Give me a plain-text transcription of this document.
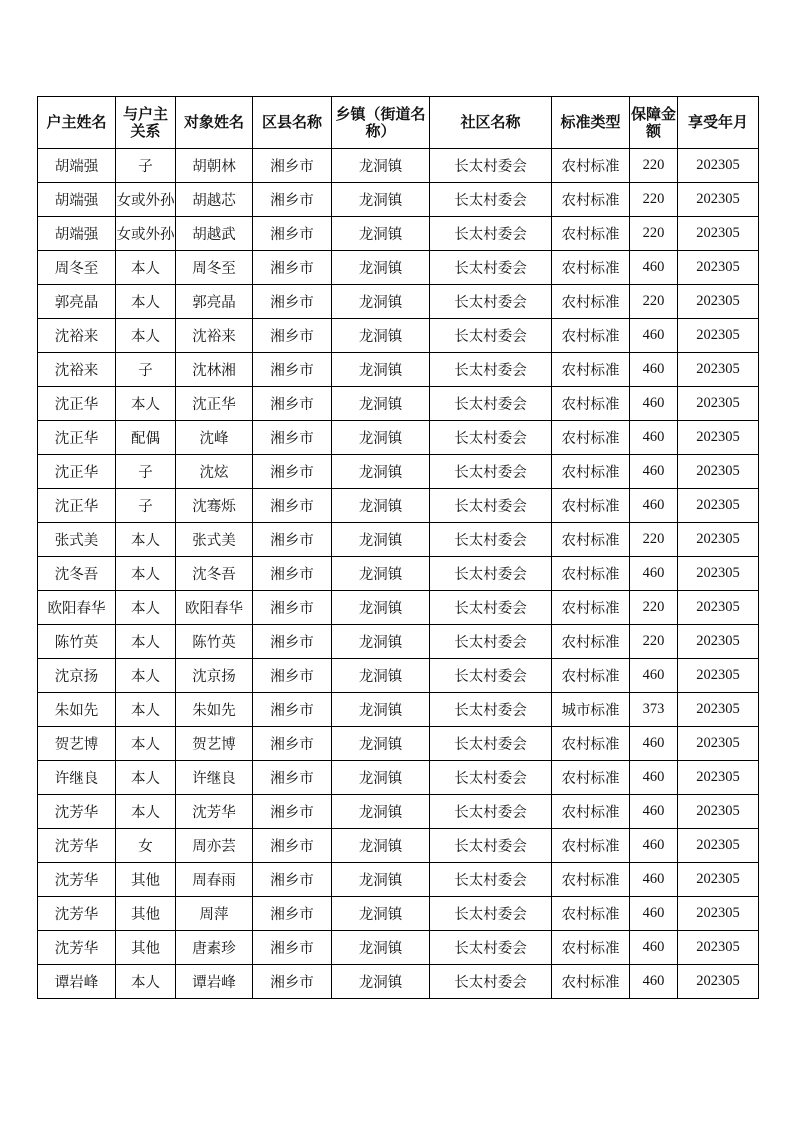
户主姓名	与户主关系	对象姓名	区县名称	乡镇（街道名称）	社区名称	标准类型	保障金额	享受年月
胡端强	子	胡朝林	湘乡市	龙洞镇	长太村委会	农村标准	220	202305
胡端强	女或外孙	胡越芯	湘乡市	龙洞镇	长太村委会	农村标准	220	202305
胡端强	女或外孙	胡越武	湘乡市	龙洞镇	长太村委会	农村标准	220	202305
周冬至	本人	周冬至	湘乡市	龙洞镇	长太村委会	农村标准	460	202305
郭亮晶	本人	郭亮晶	湘乡市	龙洞镇	长太村委会	农村标准	220	202305
沈裕来	本人	沈裕来	湘乡市	龙洞镇	长太村委会	农村标准	460	202305
沈裕来	子	沈林湘	湘乡市	龙洞镇	长太村委会	农村标准	460	202305
沈正华	本人	沈正华	湘乡市	龙洞镇	长太村委会	农村标准	460	202305
沈正华	配偶	沈峰	湘乡市	龙洞镇	长太村委会	农村标准	460	202305
沈正华	子	沈炫	湘乡市	龙洞镇	长太村委会	农村标准	460	202305
沈正华	子	沈骞烁	湘乡市	龙洞镇	长太村委会	农村标准	460	202305
张式美	本人	张式美	湘乡市	龙洞镇	长太村委会	农村标准	220	202305
沈冬吾	本人	沈冬吾	湘乡市	龙洞镇	长太村委会	农村标准	460	202305
欧阳春华	本人	欧阳春华	湘乡市	龙洞镇	长太村委会	农村标准	220	202305
陈竹英	本人	陈竹英	湘乡市	龙洞镇	长太村委会	农村标准	220	202305
沈京扬	本人	沈京扬	湘乡市	龙洞镇	长太村委会	农村标准	460	202305
朱如先	本人	朱如先	湘乡市	龙洞镇	长太村委会	城市标准	373	202305
贺艺博	本人	贺艺博	湘乡市	龙洞镇	长太村委会	农村标准	460	202305
许继良	本人	许继良	湘乡市	龙洞镇	长太村委会	农村标准	460	202305
沈芳华	本人	沈芳华	湘乡市	龙洞镇	长太村委会	农村标准	460	202305
沈芳华	女	周亦芸	湘乡市	龙洞镇	长太村委会	农村标准	460	202305
沈芳华	其他	周春雨	湘乡市	龙洞镇	长太村委会	农村标准	460	202305
沈芳华	其他	周萍	湘乡市	龙洞镇	长太村委会	农村标准	460	202305
沈芳华	其他	唐素珍	湘乡市	龙洞镇	长太村委会	农村标准	460	202305
谭岩峰	本人	谭岩峰	湘乡市	龙洞镇	长太村委会	农村标准	460	202305
